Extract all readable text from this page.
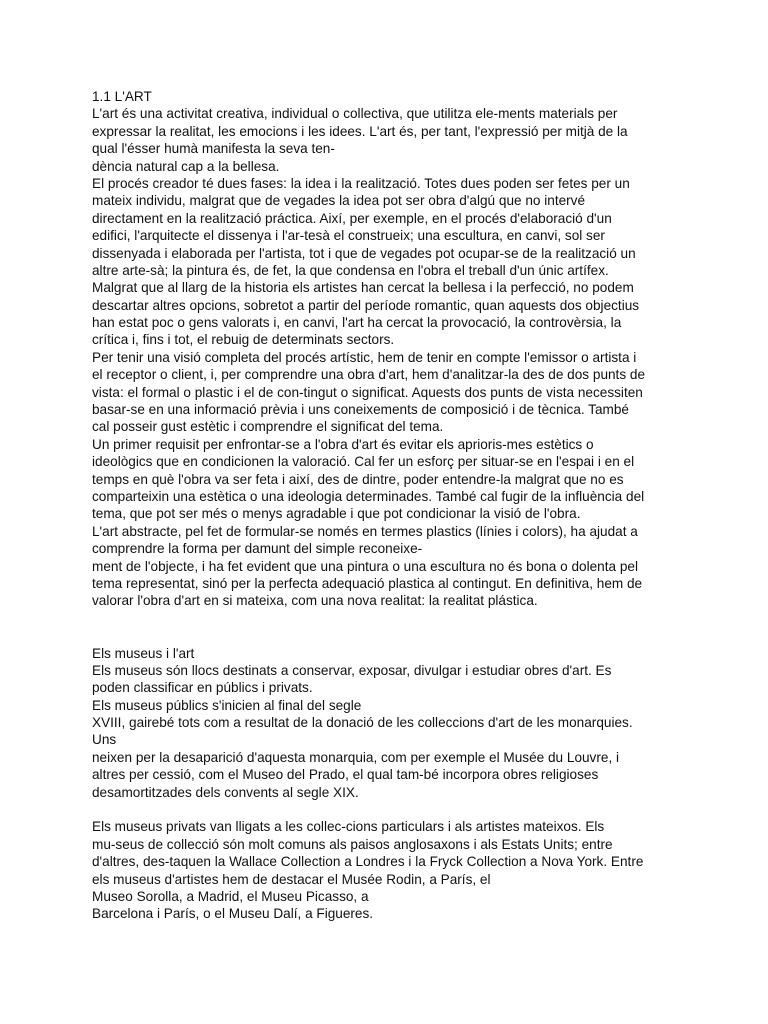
1.1 L'ART
L'art és una activitat creativa, individual o collectiva, que utilitza ele-ments materials per
expressar la realitat, les emocions i les idees. L'art és, per tant, l'expressió per mitjà de la
qual l'ésser humà manifesta la seva ten-
dència natural cap a la bellesa.
El procés creador té dues fases: la idea i la realització. Totes dues poden ser fetes per un
mateix individu, malgrat que de vegades la idea pot ser obra d'algú que no intervé
directament en la realització práctica. Així, per exemple, en el procés d'elaboració d'un
edifici, l'arquitecte el dissenya i l'ar-tesà el construeix; una escultura, en canvi, sol ser
dissenyada i elaborada per l'artista, tot i que de vegades pot ocupar-se de la realització un
altre arte-sà; la pintura és, de fet, la que condensa en l'obra el treball d'un únic artífex.
Malgrat que al llarg de la historia els artistes han cercat la bellesa i la perfecció, no podem
descartar altres opcions, sobretot a partir del període romantic, quan aquests dos objectius
han estat poc o gens valorats i, en canvi, l'art ha cercat la provocació, la controvèrsia, la
crítica i, fins i tot, el rebuig de determinats sectors.
Per tenir una visió completa del procés artístic, hem de tenir en compte l'emissor o artista i
el receptor o client, i, per comprendre una obra d'art, hem d'analitzar-la des de dos punts de
vista: el formal o plastic i el de con-tingut o significat. Aquests dos punts de vista necessiten
basar-se en una informació prèvia i uns coneixements de composició i de tècnica. També
cal posseir gust estètic i comprendre el significat del tema.
Un primer requisit per enfrontar-se a l'obra d'art és evitar els aprioris-mes estètics o
ideològics que en condicionen la valoració. Cal fer un esforç per situar-se en l'espai i en el
temps en què l'obra va ser feta i així, des de dintre, poder entendre-la malgrat que no es
comparteixin una estètica o una ideologia determinades. També cal fugir de la influència del
tema, que pot ser més o menys agradable i que pot condicionar la visió de l'obra.
L'art abstracte, pel fet de formular-se només en termes plastics (línies i colors), ha ajudat a
comprendre la forma per damunt del simple reconeixe-
ment de l'objecte, i ha fet evident que una pintura o una escultura no és bona o dolenta pel
tema representat, sinó per la perfecta adequació plastica al contingut. En definitiva, hem de
valorar l'obra d'art en si mateixa, com una nova realitat: la realitat plástica.
Els museus i l'art
Els museus són llocs destinats a conservar, exposar, divulgar i estudiar obres d'art. Es
poden classificar en públics i privats.
Els museus públics s'inicien al final del segle
XVIII, gairebé tots com a resultat de la donació de les colleccions d'art de les monarquies.
Uns
neixen per la desaparició d'aquesta monarquia, com per exemple el Musée du Louvre, i
altres per cessió, com el Museo del Prado, el qual tam-bé incorpora obres religioses
desamortitzades dels convents al segle XIX.
Els museus privats van lligats a les collec-cions particulars i als artistes mateixos. Els
mu-seus de collecció són molt comuns als paisos anglosaxons i als Estats Units; entre
d'altres, des-taquen la Wallace Collection a Londres i la Fryck Collection a Nova York. Entre
els museus d'artistes hem de destacar el Musée Rodin, a París, el
Museo Sorolla, a Madrid, el Museu Picasso, a
Barcelona i París, o el Museu Dalí, a Figueres.
